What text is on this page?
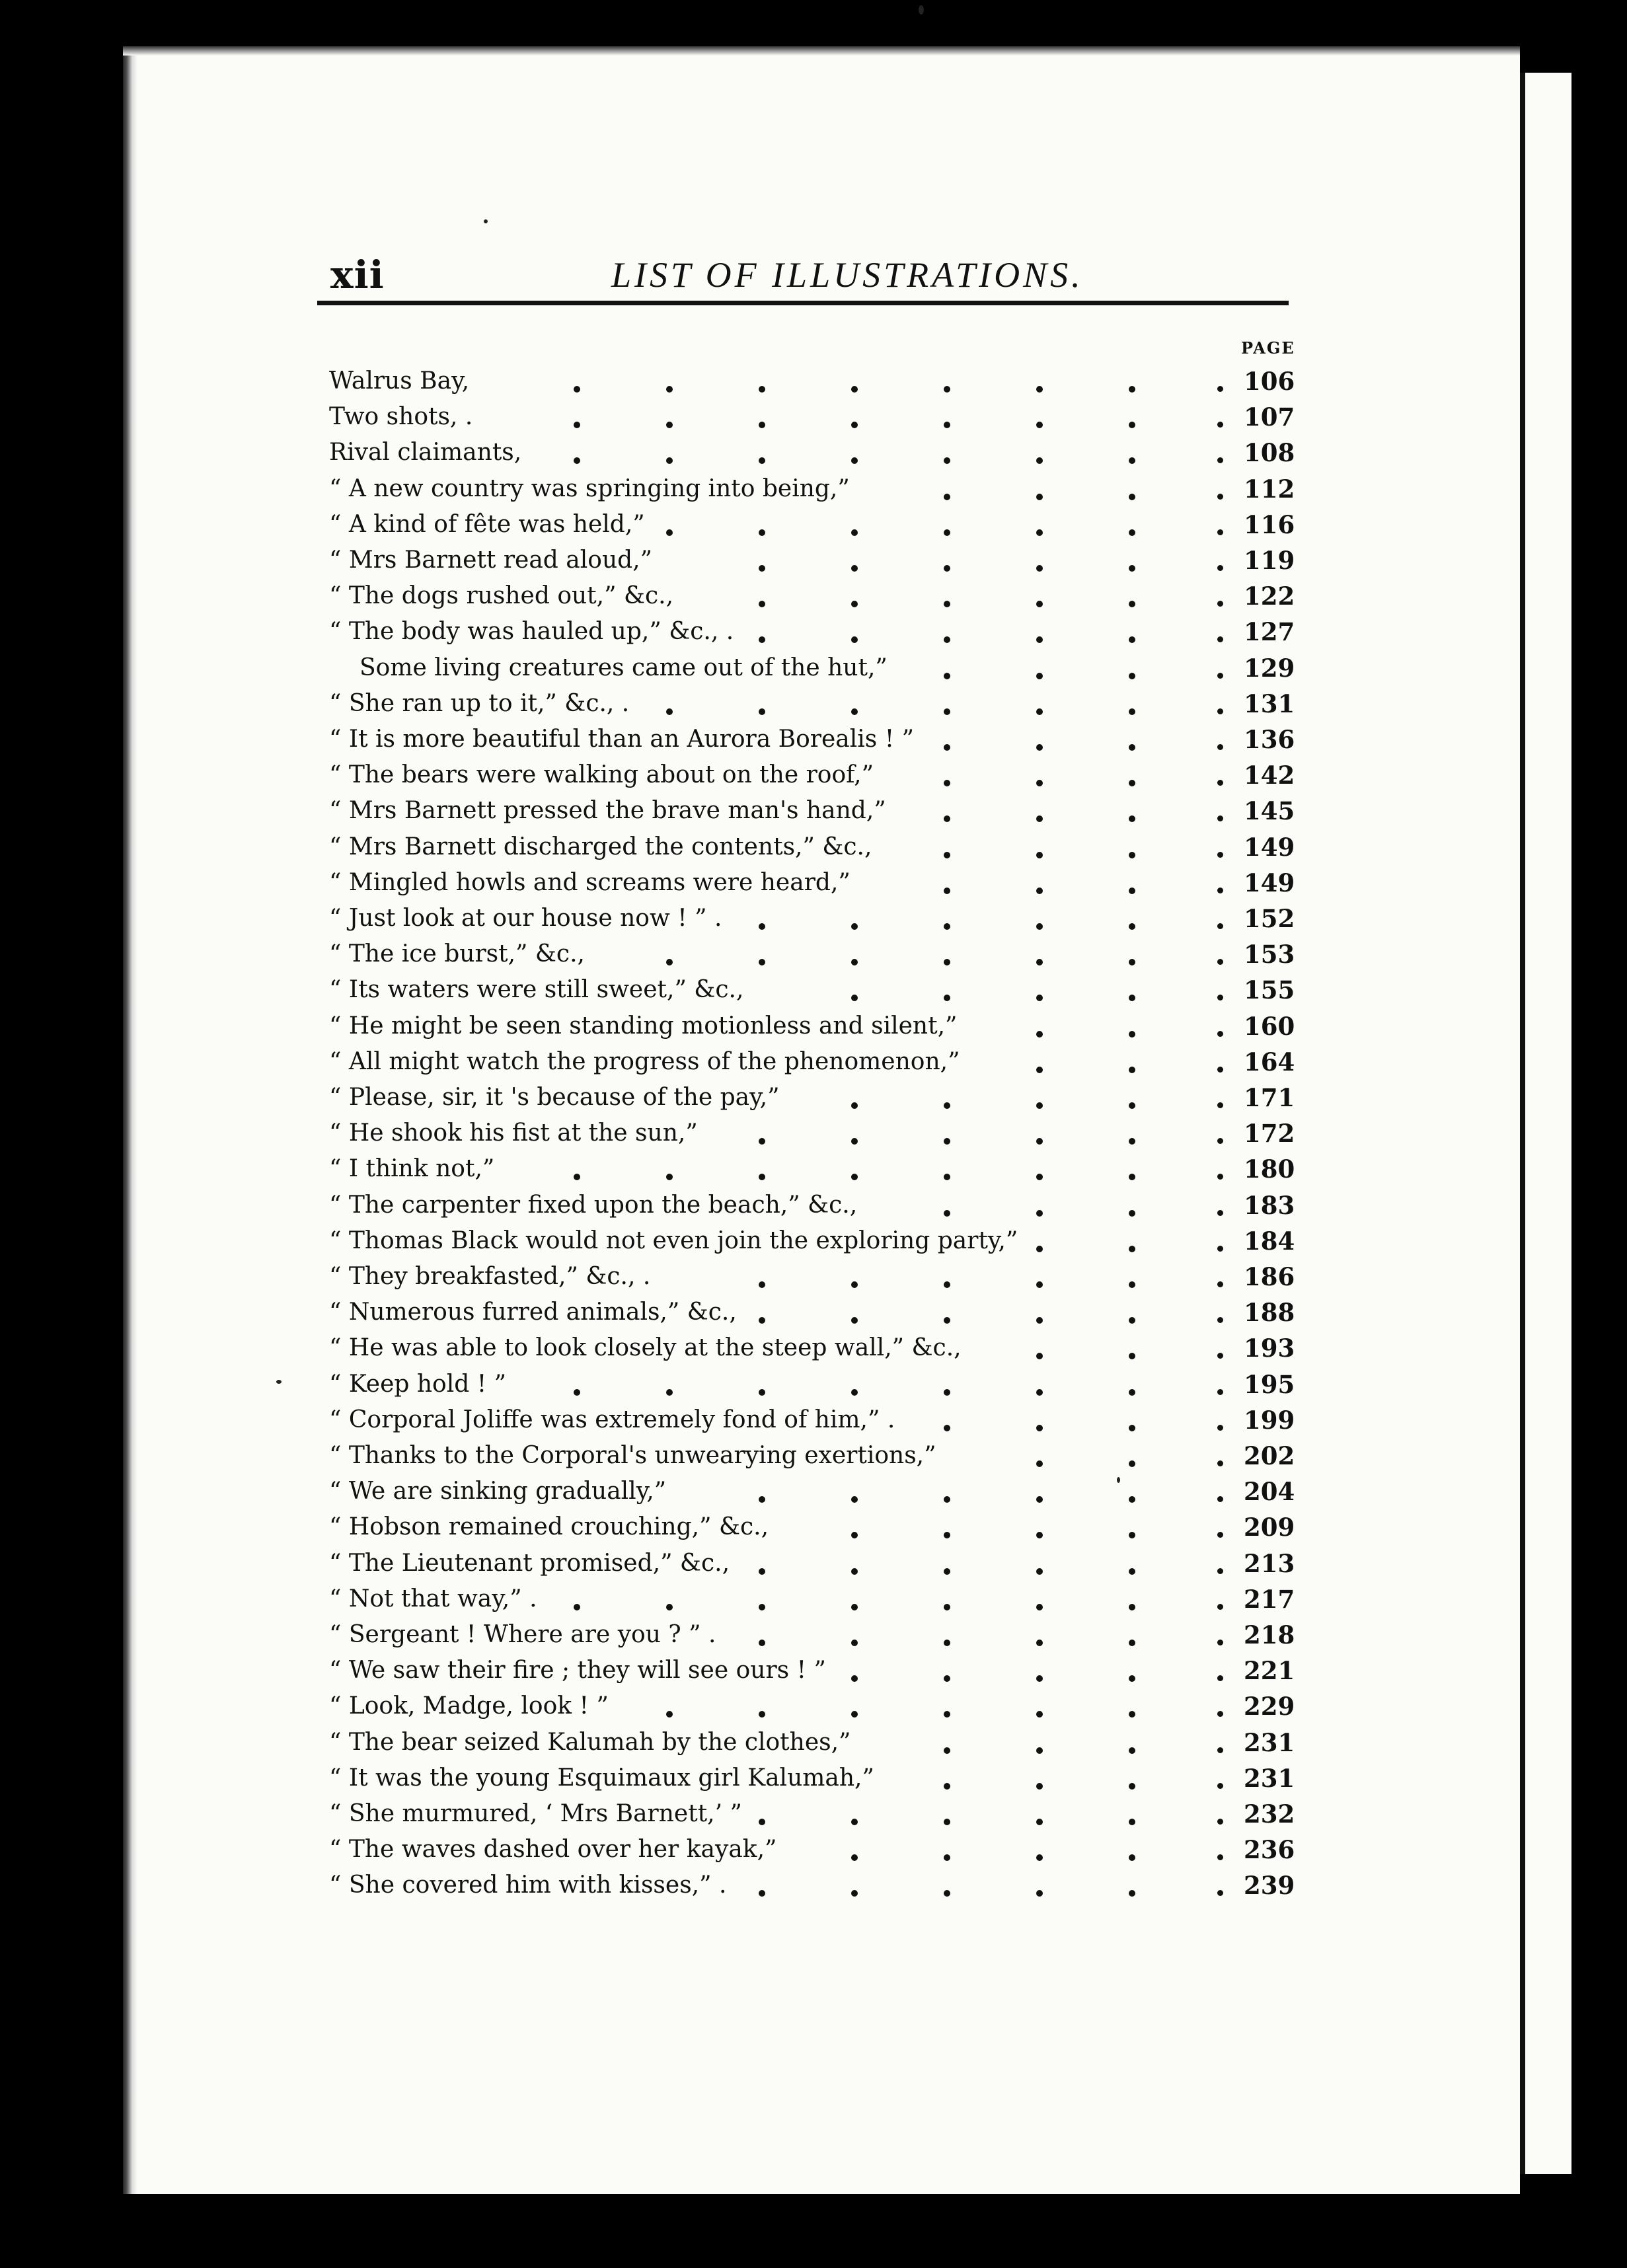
xii	LIST OF ILLUSTRATIONS.
PAGE
Walrus Bay,	106
Two shots, .	107
Rival claimants,	108
“ A new country was springing into being,”	112
“ A kind of fête was held,”	116
“ Mrs Barnett read aloud,”	119
“ The dogs rushed out,” &c.,	122
“ The body was hauled up,” &c., .	127
Some living creatures came out of the hut,”	129
“ She ran up to it,” &c., .	131
“ It is more beautiful than an Aurora Borealis ! ”	136
“ The bears were walking about on the roof,”	142
“ Mrs Barnett pressed the brave man's hand,”	145
“ Mrs Barnett discharged the contents,” &c.,	149
“ Mingled howls and screams were heard,”	149
“ Just look at our house now ! ” .	152
“ The ice burst,” &c.,	153
“ Its waters were still sweet,” &c.,	155
“ He might be seen standing motionless and silent,”	160
“ All might watch the progress of the phenomenon,”	164
“ Please, sir, it 's because of the pay,”	171
“ He shook his fist at the sun,”	172
“ I think not,”	180
“ The carpenter fixed upon the beach,” &c.,	183
“ Thomas Black would not even join the exploring party,”	184
“ They breakfasted,” &c., .	186
“ Numerous furred animals,” &c.,	188
“ He was able to look closely at the steep wall,” &c.,	193
“ Keep hold ! ”	195
“ Corporal Joliffe was extremely fond of him,” .	199
“ Thanks to the Corporal's unwearying exertions,”	202
“ We are sinking gradually,”	204
“ Hobson remained crouching,” &c.,	209
“ The Lieutenant promised,” &c.,	213
“ Not that way,” .	217
“ Sergeant ! Where are you ? ” .	218
“ We saw their fire ; they will see ours ! ”	221
“ Look, Madge, look ! ”	229
“ The bear seized Kalumah by the clothes,”	231
“ It was the young Esquimaux girl Kalumah,”	231
“ She murmured, ‘ Mrs Barnett,’ ”	232
“ The waves dashed over her kayak,”	236
“ She covered him with kisses,” .	239
